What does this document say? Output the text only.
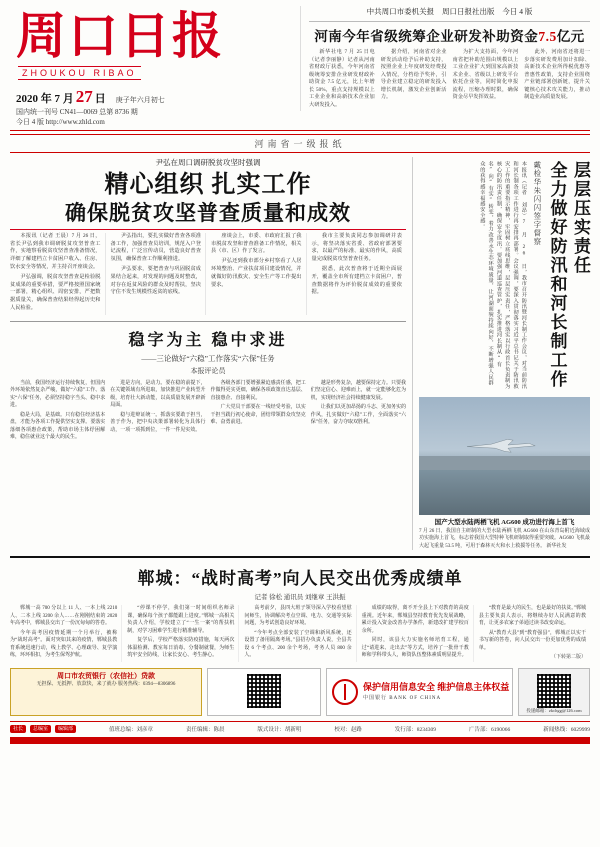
周口日报
ZHOUKOU RIBAO
2020 年 7 月 27 日 庚子年六月初七
国内统一刊号 CN41—0069 总第 8736 期
今日 4 版 http://www.zhld.com
中共周口市委机关报 周口日报社出版 今日 4 版
河南今年省级统筹企业研发补助资金7.5亿元

新华社电 7 月 25 日电（记者李丽静）记者从河南省财政厅获悉，今年河南省级统筹安排企业研发财政补助资金 7.5 亿元，比上年增长 50%，重点支持规模以上工业企业和高新技术企业加大研发投入。

据介绍，河南省对企业研发活动给予后补助支持，按照企业上年度研发经费投入情况，分档给予奖补，引导企业建立稳定的研发投入增长机制，激发企业创新活力。

为扩大支持面，今年河南省把补助范围由规模以上工业企业扩大到国家高新技术企业、省级以上研发平台依托企业等，同时简化申报流程，压缩办理时限，确保资金尽早发挥效益。

此外，河南省还将进一步落实研发费用加计扣除、高新技术企业所得税优惠等普惠性政策，支持企业围绕产业链部署创新链，提升关键核心技术攻关能力，推动制造业高质量发展。

河南省一级报纸
尹弘在周口调研脱贫攻坚时强调
精心组织 扎实工作
确保脱贫攻坚普查质量和成效

本报讯（记者 王晨）7 月 26 日，省长尹弘到我市调研脱贫攻坚普查工作，实地察看脱贫攻坚普查准备情况，详细了解建档立卡贫困户收入、住房、饮水安全等情况，并主持召开座谈会。

尹弘强调，脱贫攻坚普查是检验脱贫成果的重要举措，要严格按照国家统一部署，精心组织、周密安排，严把数据质量关，确保普查结果经得起历史和人民检验。

尹弘指出，要扎实做好普查各项准备工作，加强普查员培训，规范入户登记流程，广泛宣传动员，营造良好普查氛围，确保普查工作顺利推进。

尹弘要求，要把普查与巩固脱贫成果结合起来，对发现的问题及时整改，对存在返贫风险的群众及时帮扶，坚决守住不发生规模性返贫的底线。

座谈会上，市委、市政府汇报了我市脱贫攻坚和普查准备工作情况，相关县（市、区）作了发言。

尹弘还到我市部分乡村察看了人居环境整治、产业扶贫项目建设情况，并就做好防汛救灾、安全生产等工作提出要求。

我市主要负责同志参加调研并表示，将坚决落实省委、省政府部署要求，以最严的标准、最实的作风，高质量完成脱贫攻坚普查任务。

据悉，此次普查将于近期全面展开，覆盖全市所有建档立卡贫困户，普查数据将作为评价脱贫成效的重要依据。

稳字为主 稳中求进
——三论做好“六稳”工作落实“六保”任务
本报评论员

当前，我国经济运行持续恢复，但国内外环境依然复杂严峻，做好“六稳”工作、落实“六保”任务，必须坚持稳字当头、稳中求进。

稳是大局，是基础。只有稳住经济基本盘，才能为各项工作提供坚实支撑。要落实落细各项惠企政策，帮助市场主体纾困解难，稳住就业这个最大的民生。

进是方向，是动力。要在稳的前提下，在关键领域有所进取，加快推进产业转型升级，培育壮大新动能，以高质量发展开辟新局面。

稳与进辩证统一。抓落实要敢于担当，善于作为，把中央决策部署转化为具体行动，一项一项抓到位，一件一件见实效。

各级各部门要增强紧迫感责任感，把工作做得更实更细，确保各项政策直达基层、直接惠企、直接利民。

广大党员干部要在一线经受考验，以实干担当践行初心使命，团结带领群众攻坚克难、奋勇前进。

越是形势复杂，越要保持定力。只要我们坚定信心、迎难而上，就一定能够化危为机，实现经济社会持续健康发展。

让我们以更加昂扬的斗志、更加务实的作风，扎实做好“六稳”工作，全面落实“六保”任务，奋力夺取双胜利。

层层压实责任
全力做好防汛和河长制工作
戴检华朱闪闪签字督察
本报讯（记者 刘昂）7 月 26 日，我市召开防汛暨河长制工作会议，对当前防汛和河长制各项工作进行再安排再部署。会议强调，要深入贯彻落实习近平总书记关于防汛救灾工作的重要指示精神，牢固树立底线思维，层层压实责任，严格落实以行政首长负责制为核心的防汛责任制，确保安全度汛。要加强河道巡查管护，扎实推进河长制从“有名”向“有实”转变，着力改善水生态环境质量，让河湖面貌持续向好，不断增强人民群众的获得感幸福感安全感。
国产大型水陆两栖飞机 AG600 成功进行海上首飞
7 月 26 日，我国自主研制的大型水陆两栖飞机 AG600 在山东青岛附近海域成功实施海上首飞，标志着我国大型特种飞机研制取得重要突破。AG600 飞机最大起飞重量 53.5 吨，可用于森林灭火和水上救援等任务。 新华社发
郸城：“战时高考”向人民交出优秀成绩单
记者 徐松 通讯员 刘继章 王洪振

郸城一高 700 分以上 11 人、一本上线 2210 人、二本上线 3200 余人……在刚刚结束的 2020 年高考中，郸城县交出了一份沉甸甸的答卷。

今年高考因疫情延期一个月举行，被称为“战时高考”。面对突如其来的疫情，郸城县教育系统迅速行动，线上教学、心理疏导、复学演练，环环相扣，为考生保驾护航。

“停课不停学，我们第一时间组织名师录课，确保每个孩子都能跟上进度。”郸城一高相关负责人介绍，学校建立了“一生一案”的帮扶机制，对学习困难学生进行精准辅导。

复学后，学校严格落实防疫措施，每天两次体温检测、教室每日消毒、分餐制就餐，为师生筑牢安全防线，让家长安心、考生静心。

高考前夕，县四大班子领导深入学校看望慰问师生，协调解决考点空调、电力、交通等实际问题，为考试创造良好环境。

“今年考点全部安装了空调和新风系统，还设置了备用隔离考场。”县招办负责人说，全县共设 6 个考点、200 余个考场，考务人员 800 余人。

成绩的取得，离不开全县上下对教育的高度重视。近年来，郸城县坚持教育优先发展战略，累计投入资金改善办学条件，新建改扩建学校百余所。

同时，该县大力实施名师培育工程，通过“请进来、走出去”等方式，培养了一批骨干教师和学科带头人，师资队伍整体素质明显提升。

“教育是最大的民生，也是最好的扶贫。”郸城县主要负责人表示，将继续办好人民满意的教育，让更多农家子弟通过读书改变命运。

从“教育大县”到“教育强县”，郸城正以实干书写新的答卷，向人民交出一份更加优秀的成绩单。

（下转第二版）
周口市农贸银行（农信社）贷款
无担保、无抵押、放款快，来了就办 服务热线：0394—8306896	保护信用信息安全 维护信息主体权益
中国银行 BANK OF CHINA
投递邮箱：zkchgg@126.com
社长	总编室	编辑部	值班总编：刘彦章	责任编辑：陈晨	版式设计：胡新明	校对：赵路	发行部：8234309	广告部：6190066	新闻热线：6029999
